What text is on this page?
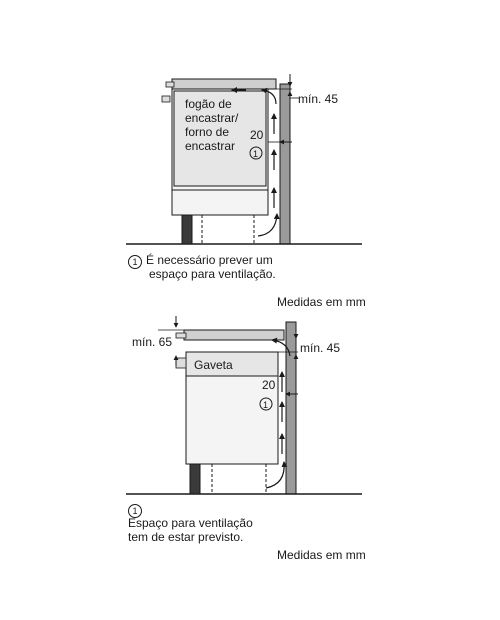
mín. 45
20
1
fogão de encastrar/ forno de encastrar
mín. 65	mín. 45
Gaveta
20
1
1 É necessário prever um
espaço para ventilação.
Medidas em mm
1
Espaço para ventilação
tem de estar previsto.
Medidas em mm
